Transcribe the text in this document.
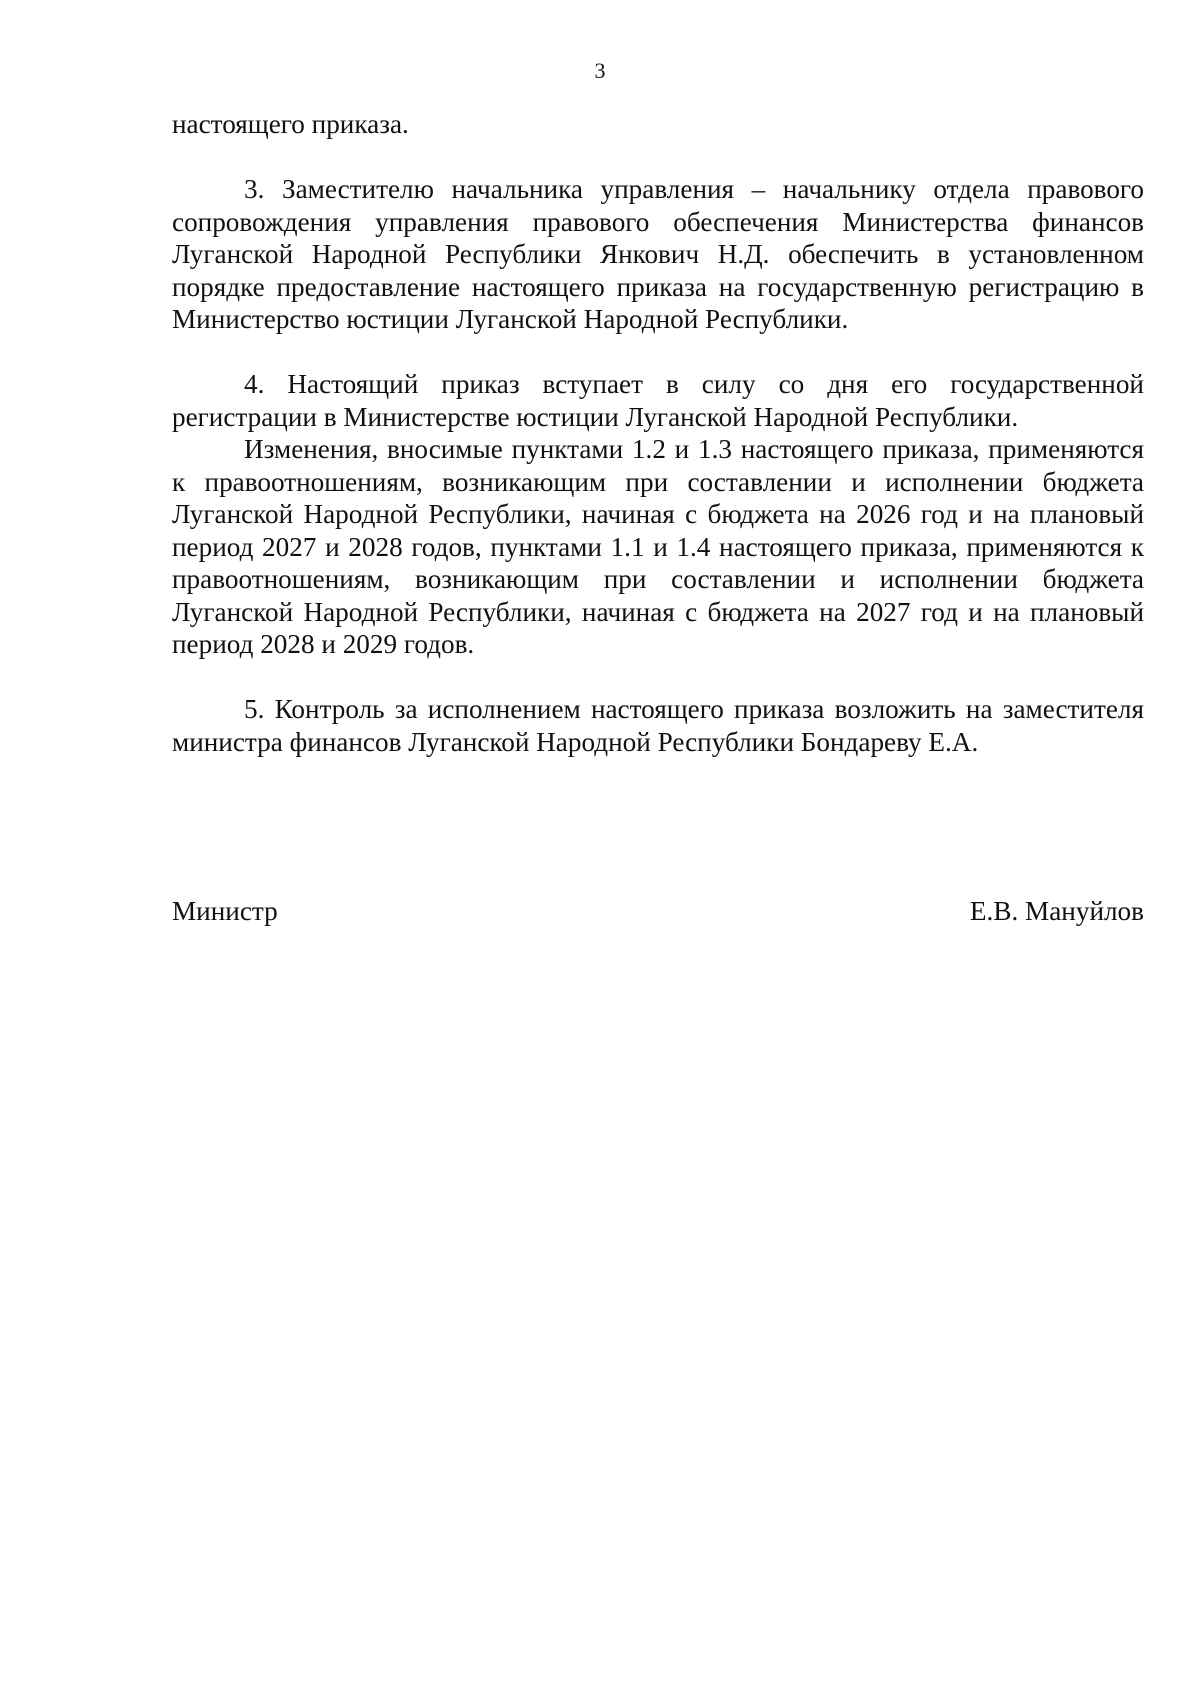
3

настоящего приказа.

3. Заместителю начальника управления – начальнику отдела правового сопровождения управления правового обеспечения Министерства финансов Луганской Народной Республики Янкович Н.Д. обеспечить в установленном порядке предоставление настоящего приказа на государственную регистрацию в Министерство юстиции Луганской Народной Республики.

4. Настоящий приказ вступает в силу со дня его государственной регистрации в Министерстве юстиции Луганской Народной Республики.

Изменения, вносимые пунктами 1.2 и 1.3 настоящего приказа, применяются к правоотношениям, возникающим при составлении и исполнении бюджета Луганской Народной Республики, начиная с бюджета на 2026 год и на плановый период 2027 и 2028 годов, пунктами 1.1 и 1.4 настоящего приказа, применяются к правоотношениям, возникающим при составлении и исполнении бюджета Луганской Народной Республики, начиная с бюджета на 2027 год и на плановый период 2028 и 2029 годов.

5. Контроль за исполнением настоящего приказа возложить на заместителя министра финансов Луганской Народной Республики Бондареву Е.А.

Министр	Е.В. Мануйлов
